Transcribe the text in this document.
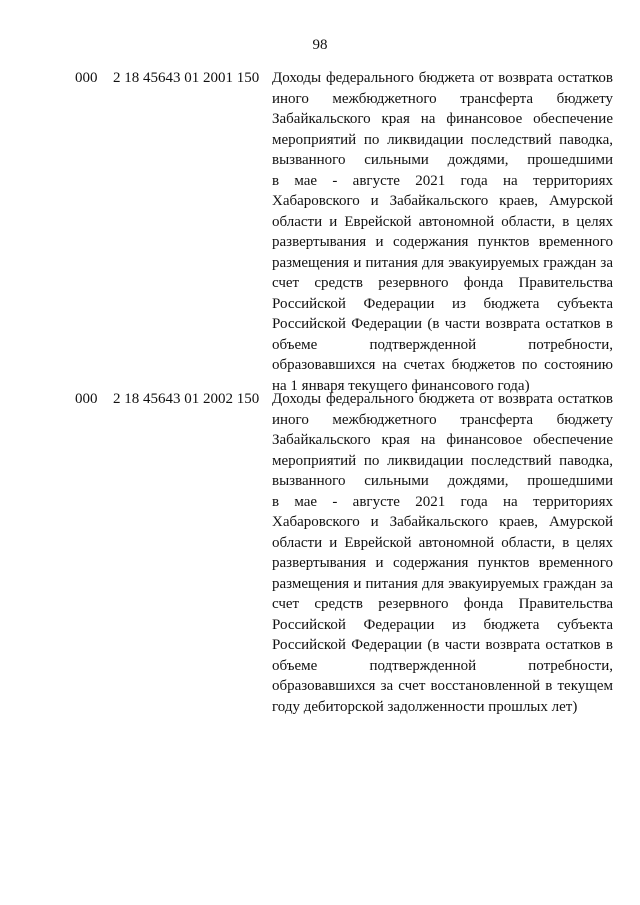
98
000 2 18 45643 01 2001 150 Доходы федерального бюджета от возврата остатков
иного межбюджетного трансферта бюджету
Забайкальского края на финансовое обеспечение
мероприятий по ликвидации последствий паводка,
вызванного сильными дождями, прошедшими
в мае - августе 2021 года на территориях
Хабаровского и Забайкальского краев, Амурской
области и Еврейской автономной области, в целях
развертывания и содержания пунктов временного
размещения и питания для эвакуируемых граждан за
счет средств резервного фонда Правительства
Российской Федерации из бюджета субъекта
Российской Федерации (в части возврата остатков в
объеме подтвержденной потребности,
образовавшихся на счетах бюджетов по состоянию
на 1 января текущего финансового года)
000 2 18 45643 01 2002 150 Доходы федерального бюджета от возврата остатков
иного межбюджетного трансферта бюджету
Забайкальского края на финансовое обеспечение
мероприятий по ликвидации последствий паводка,
вызванного сильными дождями, прошедшими
в мае - августе 2021 года на территориях
Хабаровского и Забайкальского краев, Амурской
области и Еврейской автономной области, в целях
развертывания и содержания пунктов временного
размещения и питания для эвакуируемых граждан за
счет средств резервного фонда Правительства
Российской Федерации из бюджета субъекта
Российской Федерации (в части возврата остатков в
объеме подтвержденной потребности,
образовавшихся за счет восстановленной в текущем
году дебиторской задолженности прошлых лет)
